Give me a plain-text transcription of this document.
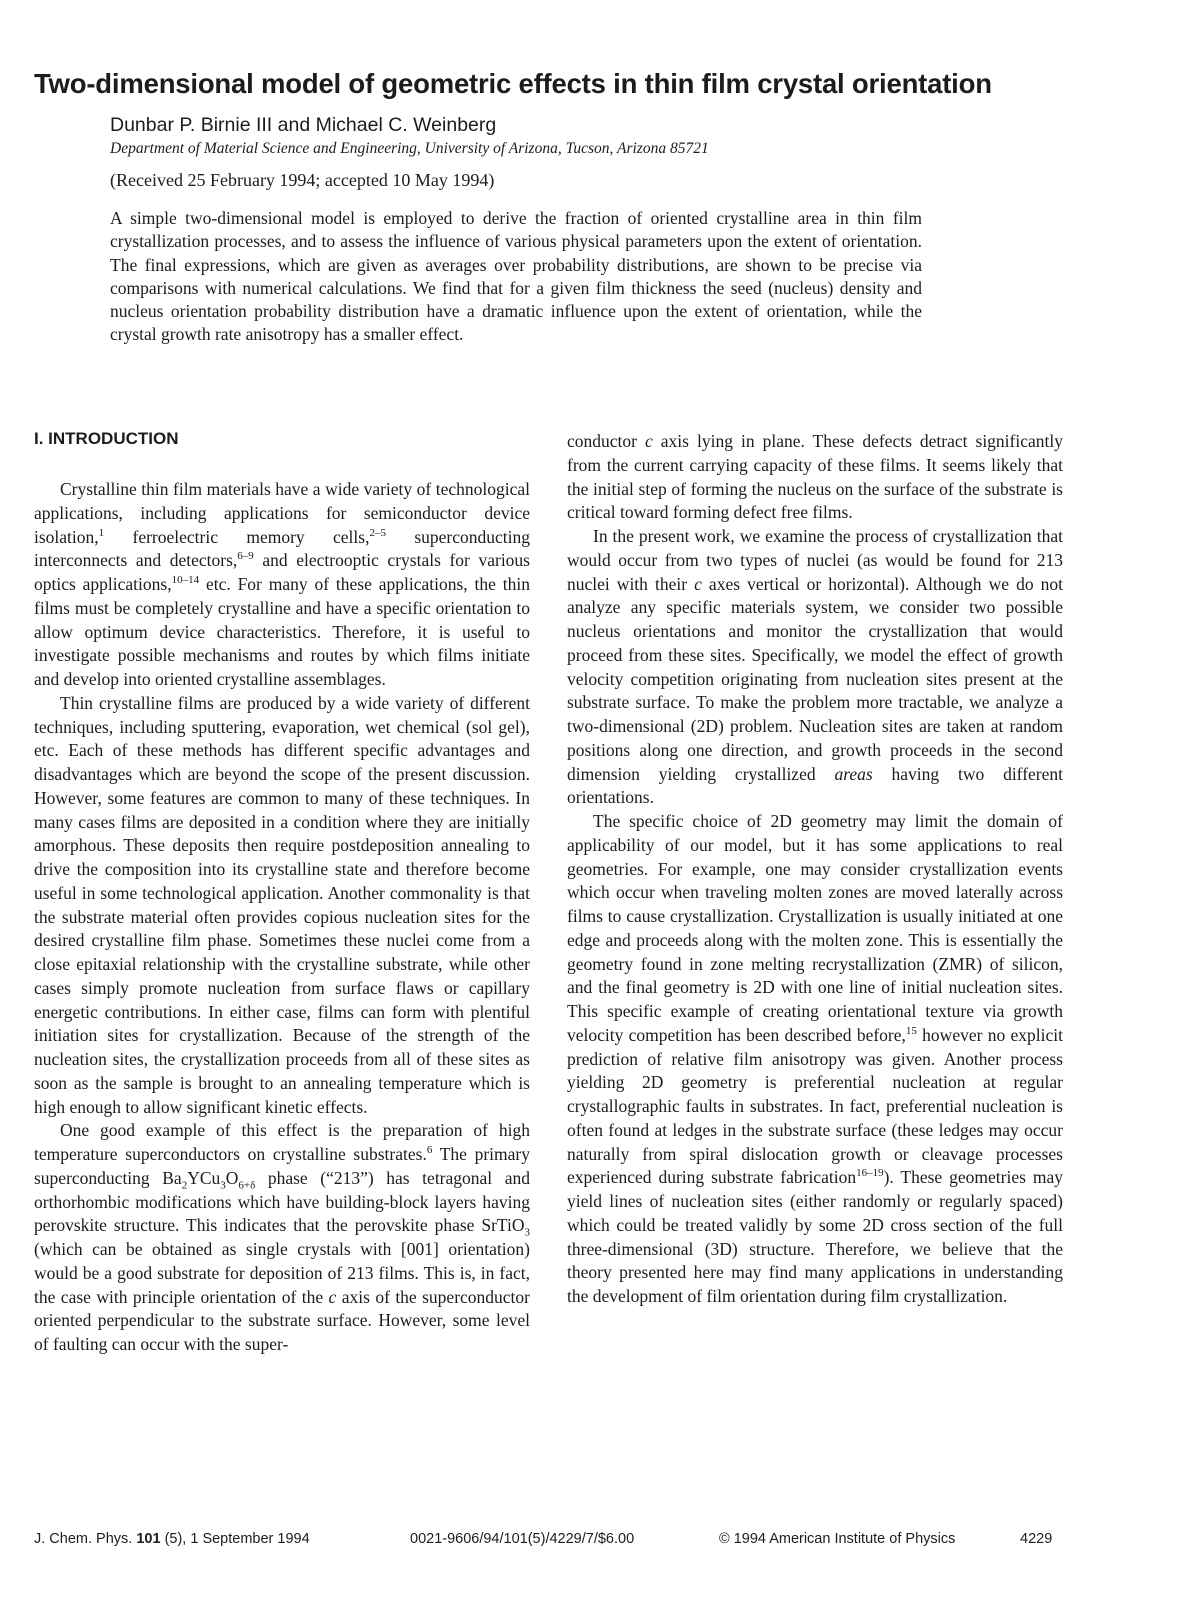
Two-dimensional model of geometric effects in thin film crystal orientation

Dunbar P. Birnie III and Michael C. Weinberg

Department of Material Science and Engineering, University of Arizona, Tucson, Arizona 85721

(Received 25 February 1994; accepted 10 May 1994)

A simple two-dimensional model is employed to derive the fraction of oriented crystalline area in thin film crystallization processes, and to assess the influence of various physical parameters upon the extent of orientation. The final expressions, which are given as averages over probability distributions, are shown to be precise via comparisons with numerical calculations. We find that for a given film thickness the seed (nucleus) density and nucleus orientation probability distribution have a dramatic influence upon the extent of orientation, while the crystal growth rate anisotropy has a smaller effect.

I. INTRODUCTION

Crystalline thin film materials have a wide variety of technological applications, including applications for semiconductor device isolation,$^1$ ferroelectric memory cells,$^{2-5}$ superconducting interconnects and detectors,$^{6-9}$ and electrooptic crystals for various optics applications,$^{10-14}$ etc. For many of these applications, the thin films must be completely crystalline and have a specific orientation to allow optimum device characteristics. Therefore, it is useful to investigate possible mechanisms and routes by which films initiate and develop into oriented crystalline assemblages.

Thin crystalline films are produced by a wide variety of different techniques, including sputtering, evaporation, wet chemical (sol gel), etc. Each of these methods has different specific advantages and disadvantages which are beyond the scope of the present discussion. However, some features are common to many of these techniques. In many cases films are deposited in a condition where they are initially amorphous. These deposits then require postdeposition annealing to drive the composition into its crystalline state and therefore become useful in some technological application. Another commonality is that the substrate material often provides copious nucleation sites for the desired crystalline film phase. Sometimes these nuclei come from a close epitaxial relationship with the crystalline substrate, while other cases simply promote nucleation from surface flaws or capillary energetic contributions. In either case, films can form with plentiful initiation sites for crystallization. Because of the strength of the nucleation sites, the crystallization proceeds from all of these sites as soon as the sample is brought to an annealing temperature which is high enough to allow significant kinetic effects.

One good example of this effect is the preparation of high temperature superconductors on crystalline substrates.$^6$ The primary superconducting $Ba_2YCu_3O_{6+\delta}$ phase (“213”) has tetragonal and orthorhombic modifications which have building-block layers having perovskite structure. This indicates that the perovskite phase SrTiO$_3$ (which can be obtained as single crystals with [001] orientation) would be a good substrate for deposition of 213 films. This is, in fact, the case with principle orientation of the c axis of the superconductor oriented perpendicular to the substrate surface. However, some level of faulting can occur with the super-

conductor c axis lying in plane. These defects detract significantly from the current carrying capacity of these films. It seems likely that the initial step of forming the nucleus on the surface of the substrate is critical toward forming defect free films.

In the present work, we examine the process of crystallization that would occur from two types of nuclei (as would be found for 213 nuclei with their c axes vertical or horizontal). Although we do not analyze any specific materials system, we consider two possible nucleus orientations and monitor the crystallization that would proceed from these sites. Specifically, we model the effect of growth velocity competition originating from nucleation sites present at the substrate surface. To make the problem more tractable, we analyze a two-dimensional (2D) problem. Nucleation sites are taken at random positions along one direction, and growth proceeds in the second dimension yielding crystallized areas having two different orientations.

The specific choice of 2D geometry may limit the domain of applicability of our model, but it has some applications to real geometries. For example, one may consider crystallization events which occur when traveling molten zones are moved laterally across films to cause crystallization. Crystallization is usually initiated at one edge and proceeds along with the molten zone. This is essentially the geometry found in zone melting recrystallization (ZMR) of silicon, and the final geometry is 2D with one line of initial nucleation sites. This specific example of creating orientational texture via growth velocity competition has been described before,$^{15}$ however no explicit prediction of relative film anisotropy was given. Another process yielding 2D geometry is preferential nucleation at regular crystallographic faults in substrates. In fact, preferential nucleation is often found at ledges in the substrate surface (these ledges may occur naturally from spiral dislocation growth or cleavage processes experienced during substrate fabrication$^{16-19}$). These geometries may yield lines of nucleation sites (either randomly or regularly spaced) which could be treated validly by some 2D cross section of the full three-dimensional (3D) structure. Therefore, we believe that the theory presented here may find many applications in understanding the development of film orientation during film crystallization.

J. Chem. Phys. 101 (5), 1 September 1994	0021-9606/94/101(5)/4229/7/$6.00	© 1994 American Institute of Physics	4229
